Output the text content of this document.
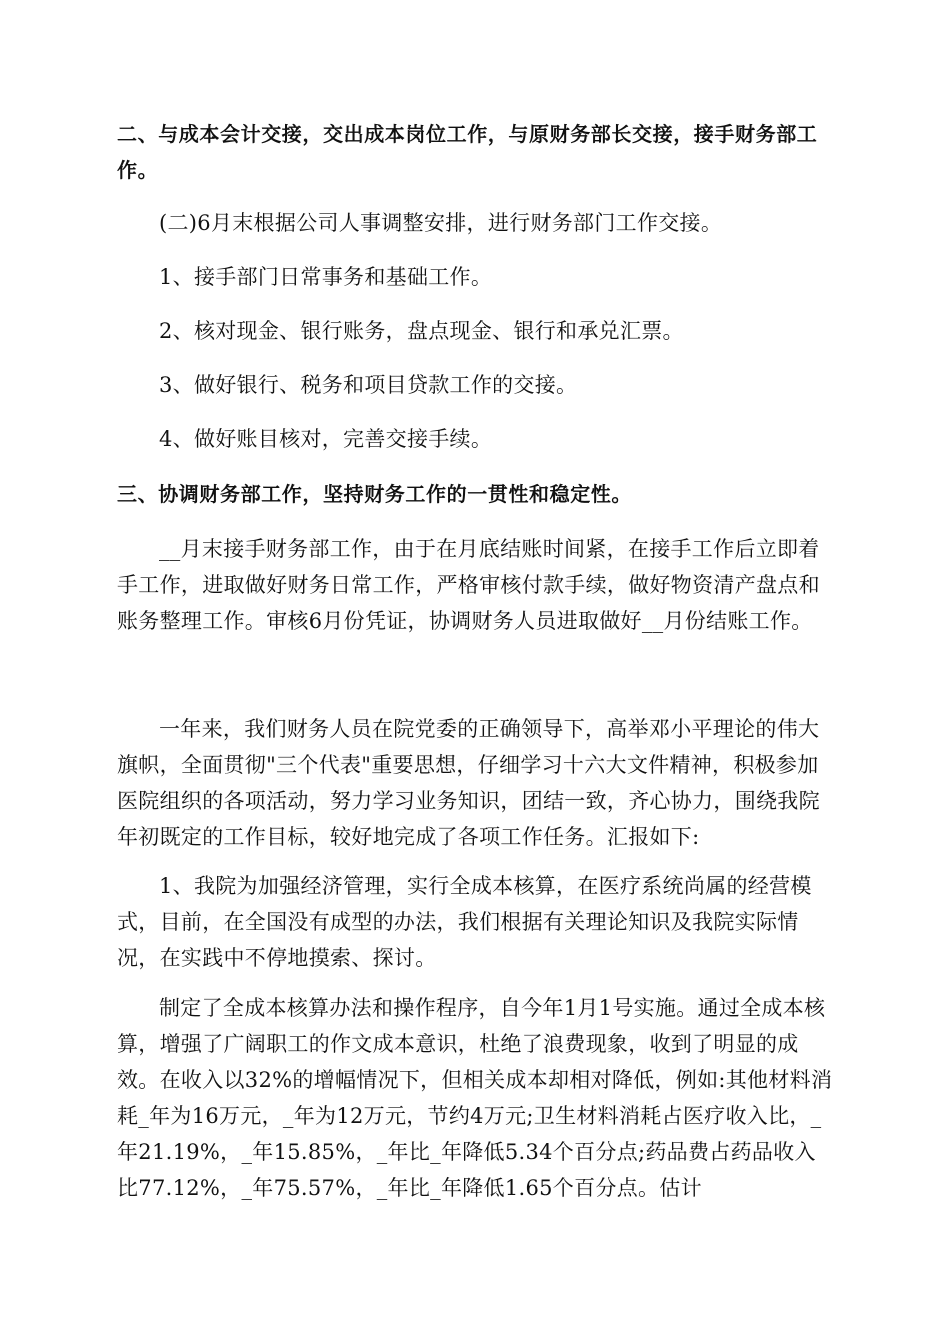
二、与成本会计交接，交出成本岗位工作，与原财务部长交接，接手财务部工作。

(二)6月末根据公司人事调整安排，进行财务部门工作交接。

1、接手部门日常事务和基础工作。

2、核对现金、银行账务，盘点现金、银行和承兑汇票。

3、做好银行、税务和项目贷款工作的交接。

4、做好账目核对，完善交接手续。

三、协调财务部工作，坚持财务工作的一贯性和稳定性。

__月末接手财务部工作，由于在月底结账时间紧，在接手工作后立即着手工作，进取做好财务日常工作，严格审核付款手续，做好物资清产盘点和账务整理工作。审核6月份凭证，协调财务人员进取做好__月份结账工作。

一年来，我们财务人员在院党委的正确领导下，高举邓小平理论的伟大旗帜，全面贯彻"三个代表"重要思想，仔细学习十六大文件精神，积极参加医院组织的各项活动，努力学习业务知识，团结一致，齐心协力，围绕我院年初既定的工作目标，较好地完成了各项工作任务。汇报如下:

1、我院为加强经济管理，实行全成本核算，在医疗系统尚属的经营模式，目前，在全国没有成型的办法，我们根据有关理论知识及我院实际情况，在实践中不停地摸索、探讨。

制定了全成本核算办法和操作程序，自今年1月1号实施。通过全成本核算，增强了广阔职工的作文成本意识，杜绝了浪费现象，收到了明显的成效。在收入以32%的增幅情况下，但相关成本却相对降低，例如:其他材料消耗_年为16万元，_年为12万元，节约4万元;卫生材料消耗占医疗收入比，_年21.19%，_年15.85%，_年比_年降低5.34个百分点;药品费占药品收入比77.12%，_年75.57%，_年比_年降低1.65个百分点。估计
